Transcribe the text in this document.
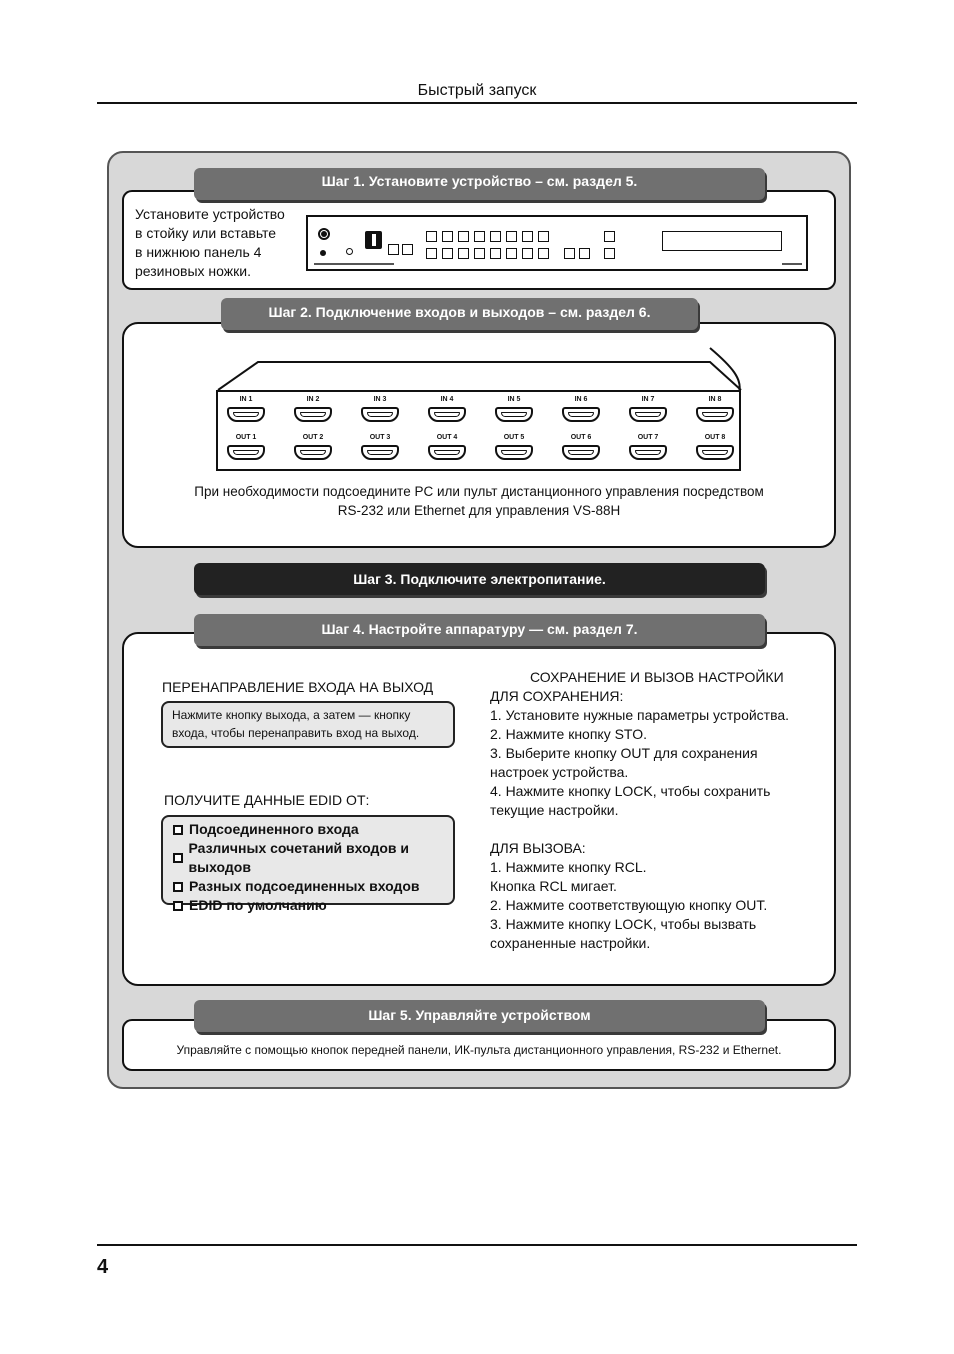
Быстрый запуск
Шаг 1. Установите устройство – см. раздел 5.
Установите устройство
в стойку или вставьте
в нижнюю панель 4
резиновых ножки.
Шаг 2. Подключение входов и выходов – см. раздел 6.
IN 1	IN 2	IN 3	IN 4	IN 5	IN 6	IN 7	IN 8
OUT 1	OUT 2	OUT 3	OUT 4	OUT 5	OUT 6	OUT 7	OUT 8
При необходимости подсоедините PC или пульт дистанционного управления посредством
RS-232 или Ethernet для управления VS-88H
Шаг 3. Подключите электропитание.
Шаг 4. Настройте аппаратуру — см. раздел 7.
ПЕРЕНАПРАВЛЕНИЕ ВХОДА НА ВЫХОД
Нажмите кнопку выхода, а затем — кнопку
входа, чтобы перенаправить вход на выход.
ПОЛУЧИТЕ ДАННЫЕ EDID ОТ:
Подсоединенного входа
Различных сочетаний входов и выходов
Разных подсоединенных входов
EDID по умолчанию
СОХРАНЕНИЕ И ВЫЗОВ НАСТРОЙКИ
ДЛЯ СОХРАНЕНИЯ:
1. Установите нужные параметры устройства.
2. Нажмите кнопку STO.
3. Выберите кнопку OUT для сохранения
настроек устройства.
4. Нажмите кнопку LOCK, чтобы сохранить
текущие настройки.
ДЛЯ ВЫЗОВА:
1. Нажмите кнопку RCL.
Кнопка RCL мигает.
2. Нажмите соответствующую кнопку OUT.
3. Нажмите кнопку LOCK, чтобы вызвать
сохраненные настройки.
Шаг 5. Управляйте устройством
Управляйте с помощью кнопок передней панели, ИК-пульта дистанционного управления, RS-232 и Ethernet.
4
